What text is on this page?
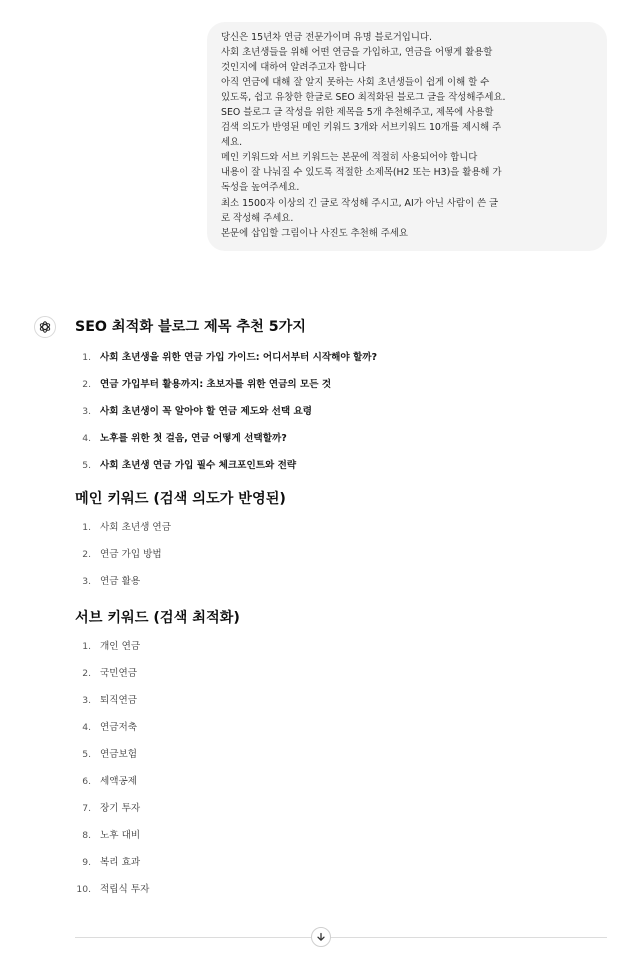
당신은 15년차 연금 전문가이며 유명 블로거입니다.
사회 초년생들을 위해 어떤 연금을 가입하고, 연금을 어떻게 활용할
것인지에 대하여 알려주고자 합니다
아직 연금에 대해 잘 알지 못하는 사회 초년생들이 쉽게 이해 할 수
있도록, 쉽고 유창한 한글로 SEO 최적화된 블로그 글을 작성해주세요.
SEO 블로그 글 작성을 위한 제목을 5개 추천해주고, 제목에 사용할
검색 의도가 반영된 메인 키워드 3개와 서브키워드 10개를 제시해 주
세요.
메인 키워드와 서브 키워드는 본문에 적절히 사용되어야 합니다
내용이 잘 나눠질 수 있도록 적절한 소제목(H2 또는 H3)을 활용해 가
독성을 높여주세요.
최소 1500자 이상의 긴 글로 작성해 주시고, AI가 아닌 사람이 쓴 글
로 작성해 주세요.
본문에 삽입할 그림이나 사진도 추천해 주세요
SEO 최적화 블로그 제목 추천 5가지
1. 사회 초년생을 위한 연금 가입 가이드: 어디서부터 시작해야 할까?
2. 연금 가입부터 활용까지: 초보자를 위한 연금의 모든 것
3. 사회 초년생이 꼭 알아야 할 연금 제도와 선택 요령
4. 노후를 위한 첫 걸음, 연금 어떻게 선택할까?
5. 사회 초년생 연금 가입 필수 체크포인트와 전략
메인 키워드 (검색 의도가 반영된)
1. 사회 초년생 연금
2. 연금 가입 방법
3. 연금 활용
서브 키워드 (검색 최적화)
1. 개인 연금
2. 국민연금
3. 퇴직연금
4. 연금저축
5. 연금보험
6. 세액공제
7. 장기 투자
8. 노후 대비
9. 복리 효과
10. 적립식 투자
